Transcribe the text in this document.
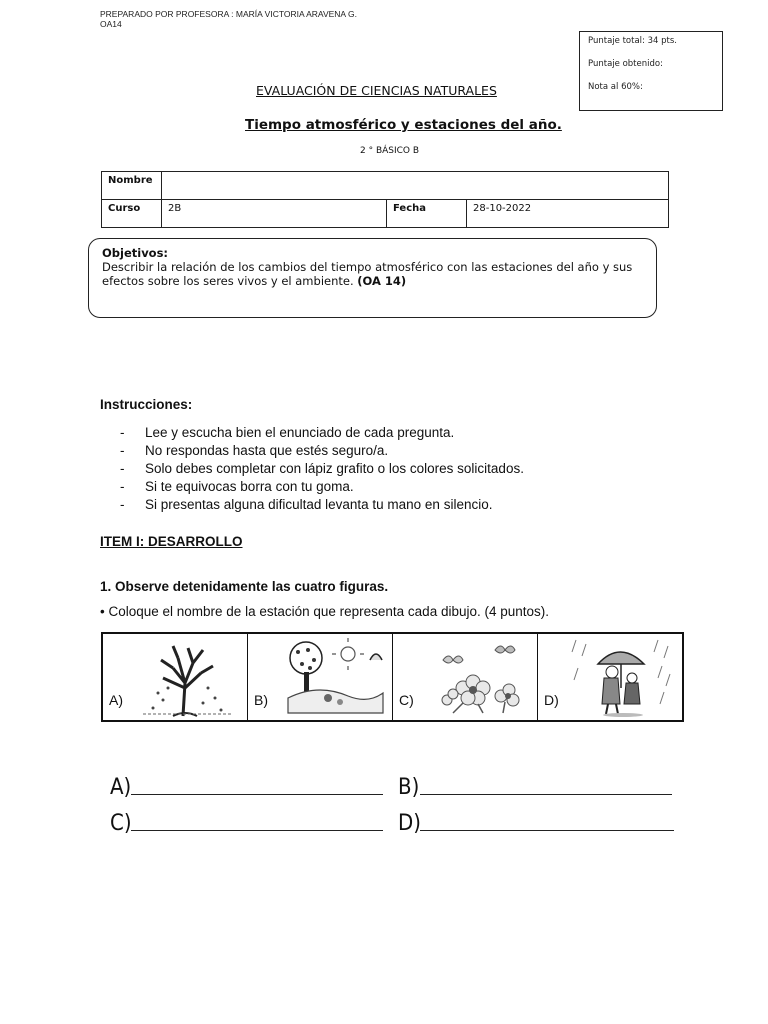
PREPARADO POR PROFESORA : MARÍA VICTORIA ARAVENA G.
OA14
Puntaje total: 34 pts.
Puntaje obtenido:
Nota al 60%:
EVALUACIÓN DE CIENCIAS NATURALES
Tiempo atmosférico y estaciones del año.
2 ° BÁSICO B
Nombre			
Curso	2B	Fecha	28-10-2022
Objetivos:
Describir la relación de los cambios del tiempo atmosférico con las estaciones del año y sus efectos sobre los seres vivos y el ambiente. (OA 14)
Instrucciones:
-	Lee y escucha bien el enunciado de cada pregunta.
-	No respondas hasta que estés seguro/a.
-	Solo debes completar con lápiz grafito o los colores solicitados.
-	Si te equivocas borra con tu goma.
-	Si presentas alguna dificultad levanta tu mano en silencio.
ITEM I: DESARROLLO
1. Observe detenidamente las cuatro figuras.
• Coloque el nombre de la estación que representa cada dibujo. (4 puntos).
A)	B)	C)	D)
A)	B)
C)	D)
